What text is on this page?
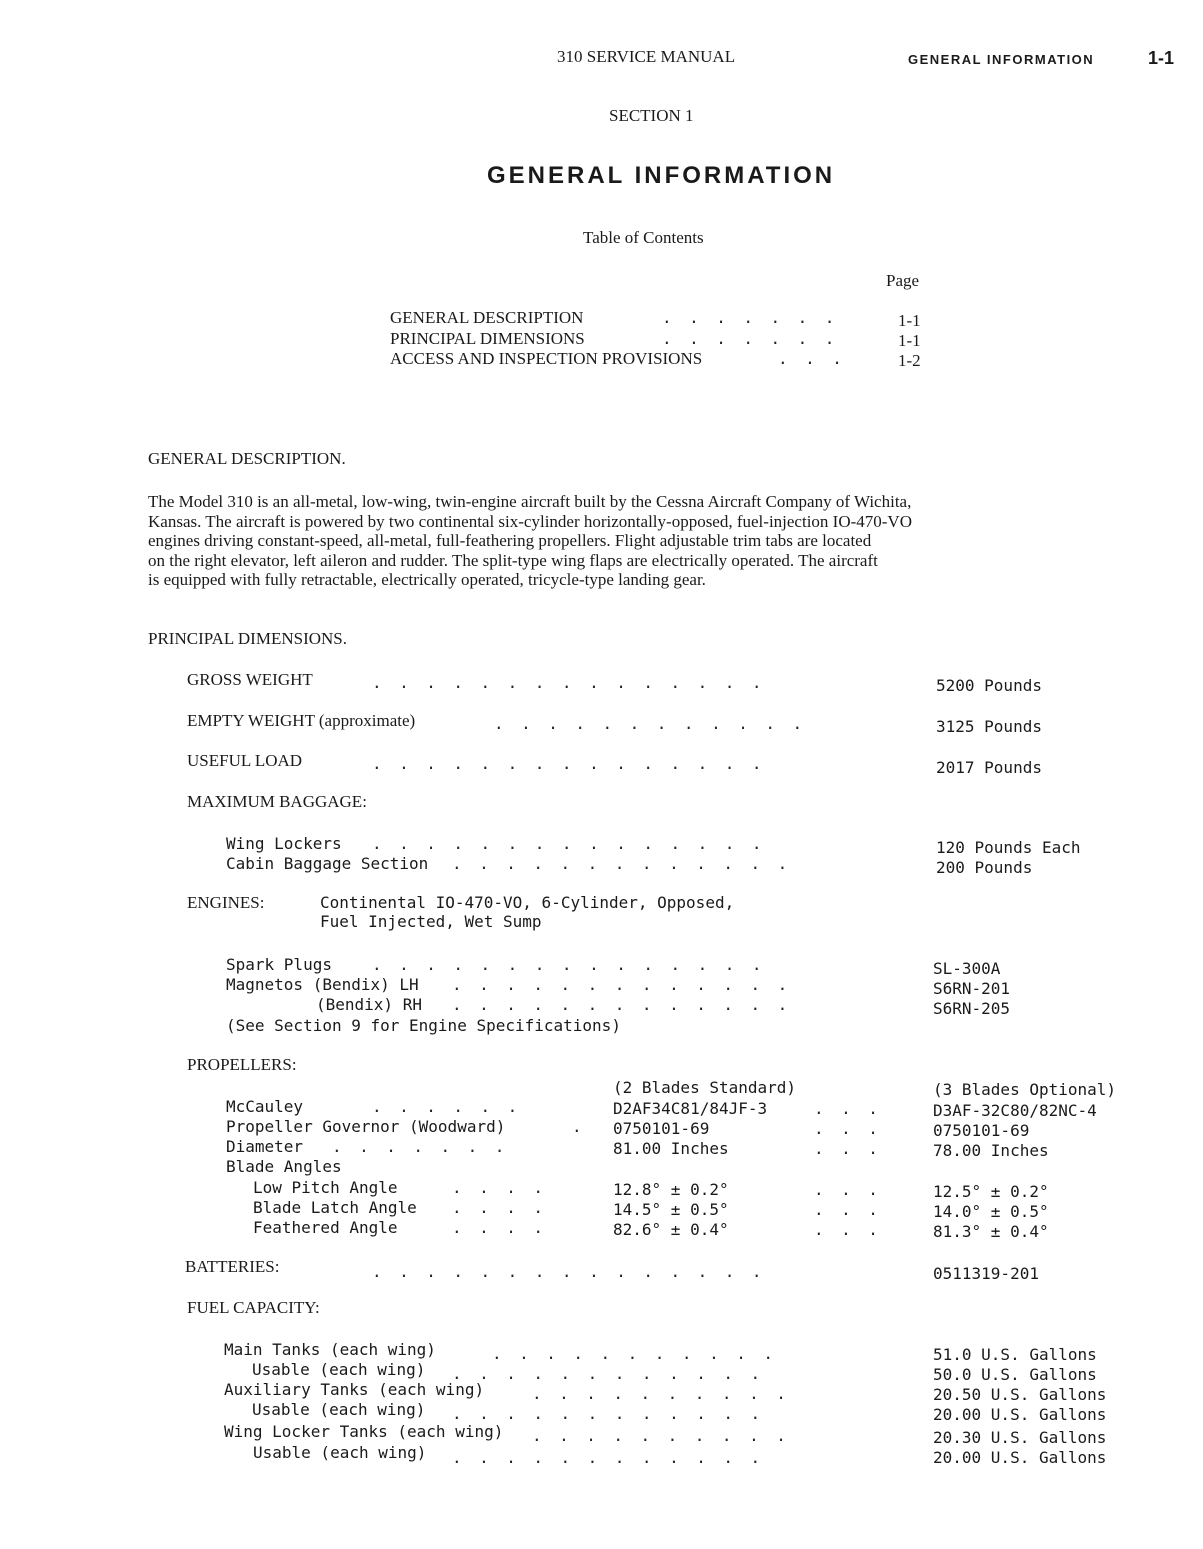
310 SERVICE MANUAL	GENERAL INFORMATION	1-1
SECTION 1
GENERAL INFORMATION
Table of Contents
Page
GENERAL DESCRIPTION	.......	1-1
PRINCIPAL DIMENSIONS	.......	1-1
ACCESS AND INSPECTION PROVISIONS	... 1-2
GENERAL DESCRIPTION.
The Model 310 is an all-metal, low-wing, twin-engine aircraft built by the Cessna Aircraft Company of Wichita,
Kansas. The aircraft is powered by two continental six-cylinder horizontally-opposed, fuel-injection IO-470-VO
engines driving constant-speed, all-metal, full-feathering propellers. Flight adjustable trim tabs are located
on the right elevator, left aileron and rudder. The split-type wing flaps are electrically operated. The aircraft
is equipped with fully retractable, electrically operated, tricycle-type landing gear.
PRINCIPAL DIMENSIONS.
GROSS WEIGHT	...............	5200 Pounds
EMPTY WEIGHT (approximate)	............	3125 Pounds
USEFUL LOAD	...............	2017 Pounds
MAXIMUM BAGGAGE:
Wing Lockers ...............	120 Pounds Each
Cabin Baggage Section .............	200 Pounds
ENGINES:	Continental IO-470-VO, 6-Cylinder, Opposed,
Fuel Injected, Wet Sump
Spark Plugs	...............	SL-300A
Magnetos (Bendix) LH .............	S6RN-201
(Bendix) RH .............	S6RN-205
(See Section 9 for Engine Specifications)
PROPELLERS:
(2 Blades Standard)	(3 Blades Optional)
McCauley	......	D2AF34C81/84JF-3	... D3AF-32C80/82NC-4
Propeller Governor (Woodward)	. 0750101-69	... 0750101-69
Diameter .......	81.00 Inches	... 78.00 Inches
Blade Angles
Low Pitch Angle	....	12.8° ± 0.2°	... 12.5° ± 0.2°
Blade Latch Angle ....	14.5° ± 0.5°	... 14.0° ± 0.5°
Feathered Angle	....	82.6° ± 0.4°	... 81.3° ± 0.4°
BATTERIES:	...............	0511319-201
FUEL CAPACITY:
Main Tanks (each wing)	...........	51.0 U.S. Gallons
Usable (each wing) ............	50.0 U.S. Gallons
Auxiliary Tanks (each wing)	..........	20.50 U.S. Gallons
Usable (each wing) ............	20.00 U.S. Gallons
Wing Locker Tanks (each wing) ..........	20.30 U.S. Gallons
Usable (each wing) ............	20.00 U.S. Gallons
